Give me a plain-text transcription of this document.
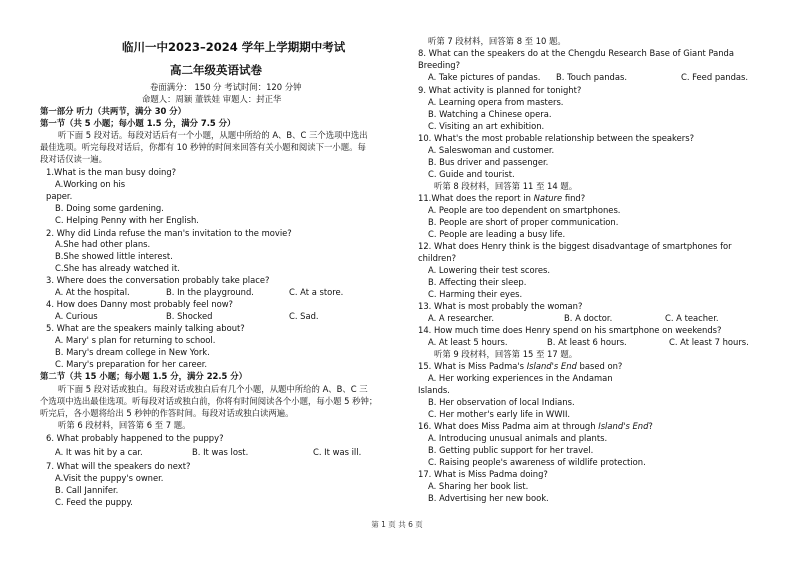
临川一中2023–2024 学年上学期期中考试
高二年级英语试卷
卷面满分： 150 分 考试时间：120 分钟
命题人：周颖 董铁娃 审题人：封正华
第一部分 听力（共两节，满分 30 分）
第一节（共 5 小题；每小题 1.5 分，满分 7.5 分）
听下面 5 段对话。每段对话后有一个小题，从题中所给的 A、B、C 三个选项中选出
最佳选项。听完每段对话后，你都有 10 秒钟的时间来回答有关小题和阅读下一小题。每
段对话仅读一遍。
1.What is the man busy doing?
A.Working on his
paper.
B. Doing some gardening.
C. Helping Penny with her English.
2. Why did Linda refuse the man's invitation to the movie?
A.She had other plans.
B.She showed little interest.
C.She has already watched it.
3. Where does the conversation probably take place?
A. At the hospital.	B. In the playground.	C. At a store.
4. How does Danny most probably feel now?
A. Curious	B. Shocked	C. Sad.
5. What are the speakers mainly talking about?
A. Mary' s plan for returning to school.
B. Mary's dream college in New York.
C. Mary's preparation for her career.
第二节（共 15 小题；每小题 1.5 分，满分 22.5 分）
听下面 5 段对话或独白。每段对话或独白后有几个小题，从题中所给的 A、B、C 三
个选项中选出最佳选项。听每段对话或独白前，你将有时间阅读各个小题，每小题 5 秒钟；
听完后，各小题将给出 5 秒钟的作答时间。每段对话或独白读两遍。
听第 6 段材料，回答第 6 至 7 题。
6. What probably happened to the puppy?
A. It was hit by a car.	B. It was lost.	C. It was ill.
7. What will the speakers do next?
A.Visit the puppy's owner.
B. Call Jannifer.
C. Feed the puppy.
听第 7 段材料，回答第 8 至 10 题。
8. What can the speakers do at the Chengdu Research Base of Giant Panda
Breeding?
A. Take pictures of pandas. B. Touch pandas.	C. Feed pandas.
9. What activity is planned for tonight?
A. Learning opera from masters.
B. Watching a Chinese opera.
C. Visiting an art exhibition.
10. What's the most probable relationship between the speakers?
A. Saleswoman and customer.
B. Bus driver and passenger.
C. Guide and tourist.
听第 8 段材料，回答第 11 至 14 题。
11.What does the report in Nature find?
A. People are too dependent on smartphones.
B. People are short of proper communication.
C. People are leading a busy life.
12. What does Henry think is the biggest disadvantage of smartphones for
children?
A. Lowering their test scores.
B. Affecting their sleep.
C. Harming their eyes.
13. What is most probably the woman?
A. A researcher.	B. A doctor.	C. A teacher.
14. How much time does Henry spend on his smartphone on weekends?
A. At least 5 hours.	B. At least 6 hours.	C. At least 7 hours.
听第 9 段材料，回答第 15 至 17 题。
15. What is Miss Padma's Island's End based on?
A. Her working experiences in the Andaman
Islands.
B. Her observation of local Indians.
C. Her mother's early life in WWII.
16. What does Miss Padma aim at through Island's End?
A. Introducing unusual animals and plants.
B. Getting public support for her travel.
C. Raising people's awareness of wildlife protection.
17. What is Miss Padma doing?
A. Sharing her book list.
B. Advertising her new book.
第 1 页 共 6 页
